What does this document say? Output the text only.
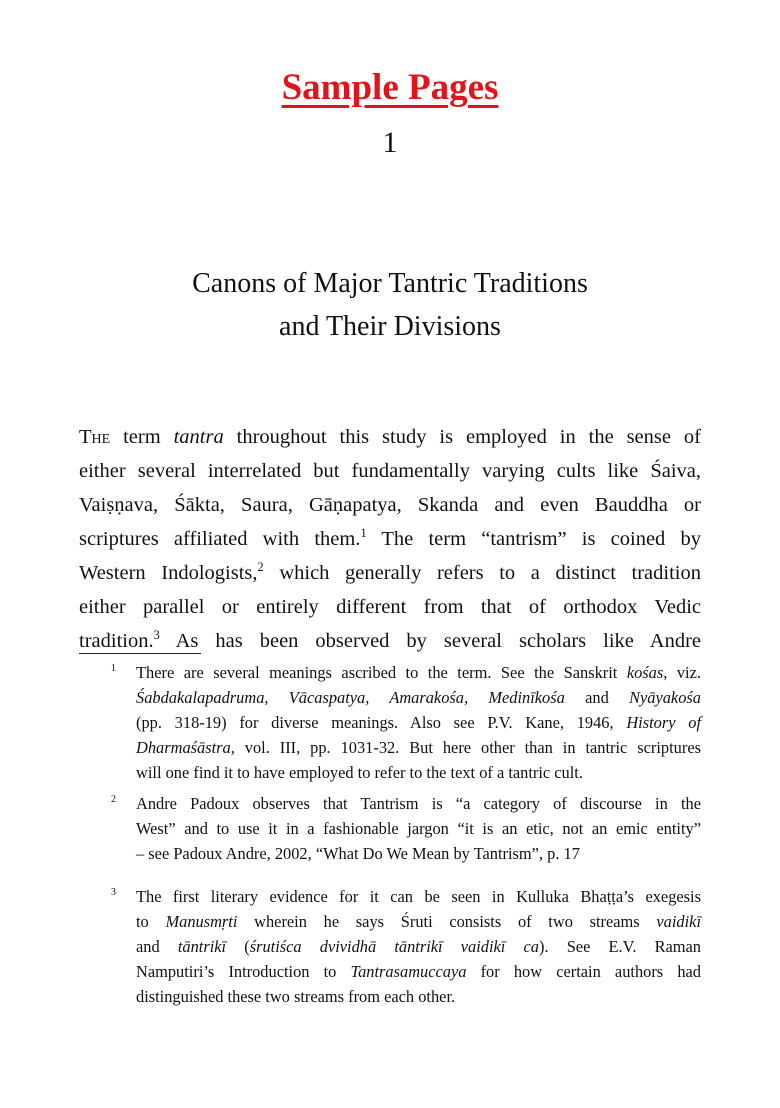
Sample Pages
1
Canons of Major Tantric Traditions
and Their Divisions
The term tantra throughout this study is employed in the sense of
either several interrelated but fundamentally varying cults like Śaiva,
Vaiṣṇava, Śākta, Saura, Gāṇapatya, Skanda and even Bauddha or
scriptures affiliated with them.$^1$ The term “tantrism” is coined by
Western Indologists,$^2$ which generally refers to a distinct tradition
either parallel or entirely different from that of orthodox Vedic
tradition.$^3$ As has been observed by several scholars like Andre
1 There are several meanings ascribed to the term. See the Sanskrit kośas, viz.
Śabdakalapadruma, Vācaspatya, Amarakośa, Medinīkośa and Nyāyakośa
(pp. 318-19) for diverse meanings. Also see P.V. Kane, 1946, History of
Dharmaśāstra, vol. III, pp. 1031-32. But here other than in tantric scriptures
will one find it to have employed to refer to the text of a tantric cult.
2 Andre Padoux observes that Tantrism is “a category of discourse in the
West” and to use it in a fashionable jargon “it is an etic, not an emic entity”
– see Padoux Andre, 2002, “What Do We Mean by Tantrism”, p. 17
3 The first literary evidence for it can be seen in Kulluka Bhaṭṭa’s exegesis
to Manusmṛti wherein he says Śruti consists of two streams vaidikī
and tāntrikī (śrutiśca dvividhā tāntrikī vaidikī ca). See E.V. Raman
Namputiri’s Introduction to Tantrasamuccaya for how certain authors had
distinguished these two streams from each other.
